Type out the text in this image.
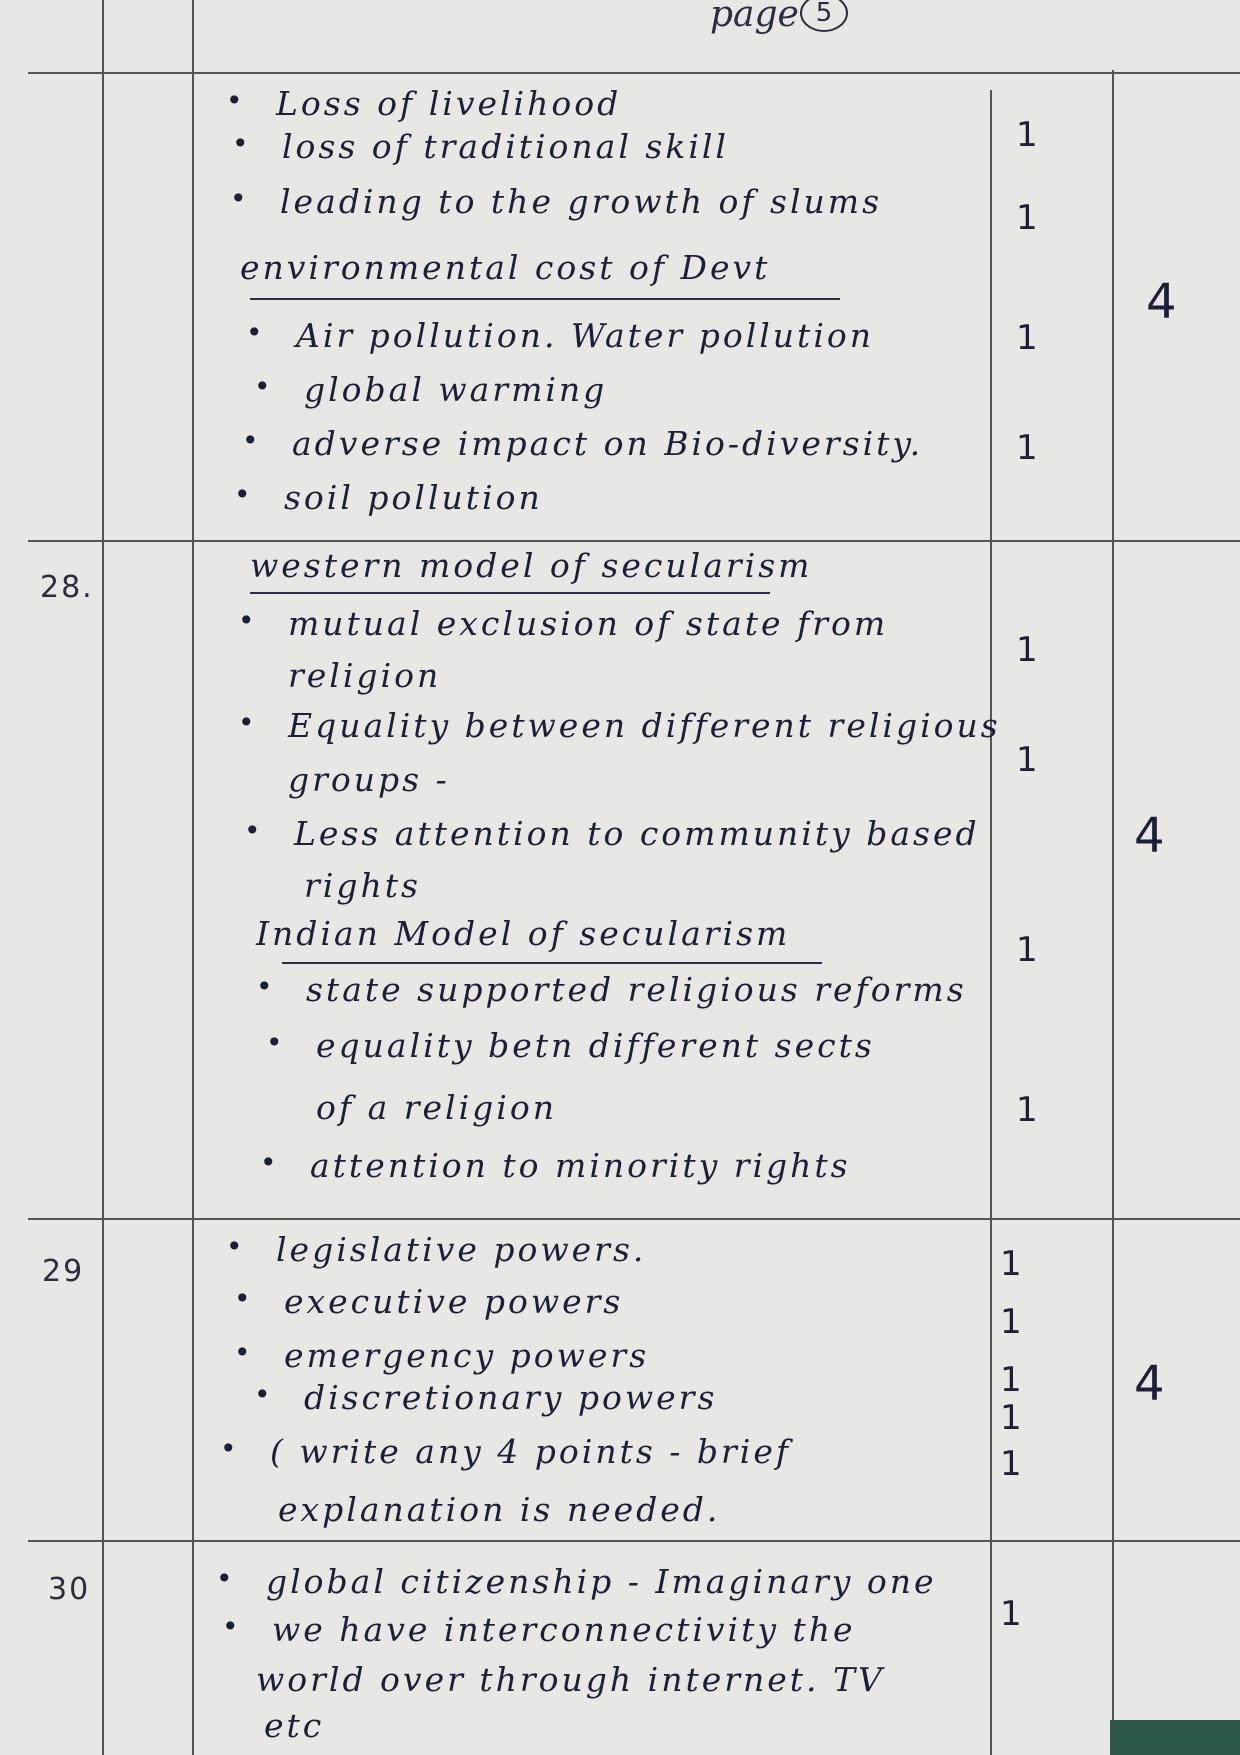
page 5
• Loss of livelihood
• loss of traditional skill
• leading to the growth of slums
environmental cost of Devt
• Air pollution. Water pollution
• global warming
• adverse impact on Bio-diversity.
• soil pollution
1
1
1
1
4
28.
western model of secularism
• mutual exclusion of state from
religion
• Equality between different religious
groups -
• Less attention to community based
rights
Indian Model of secularism
• state supported religious reforms
• equality betn different sects
of a religion
• attention to minority rights
1
1
1
1
4
29
• legislative powers.
• executive powers
• emergency powers
• discretionary powers
• ( write any 4 points - brief
explanation is needed.
1
1
1
1
1
4
30
•	global citizenship - Imaginary one
• we have interconnectivity the
world over through internet. TV
etc
1
